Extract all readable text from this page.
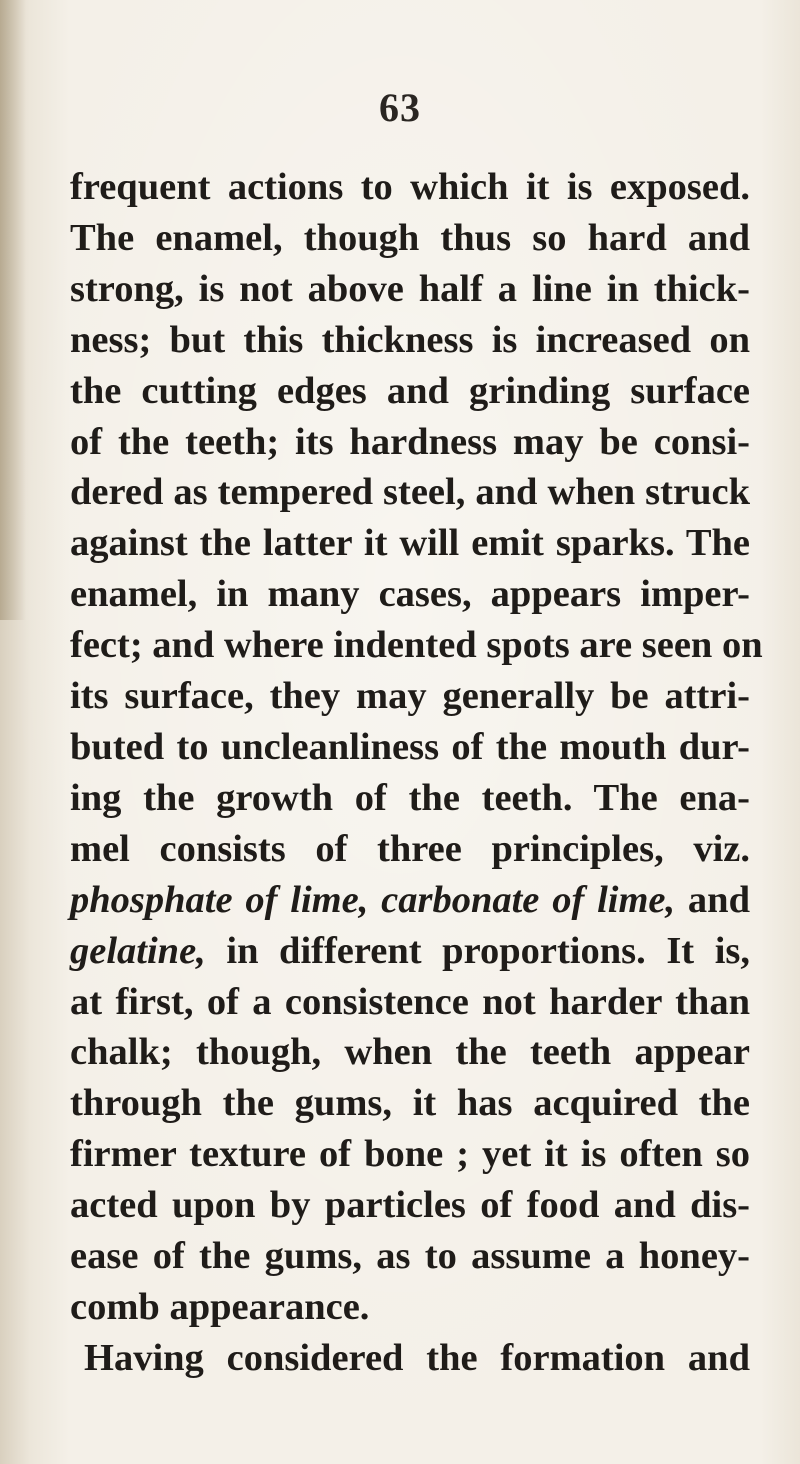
63
frequent actions to which it is exposed.
The enamel, though thus so hard and
strong, is not above half a line in thick-
ness; but this thickness is increased on
the cutting edges and grinding surface
of the teeth; its hardness may be consi-
dered as tempered steel, and when struck
against the latter it will emit sparks. The
enamel, in many cases, appears imper-
fect; and where indented spots are seen on
its surface, they may generally be attri-
buted to uncleanliness of the mouth dur-
ing the growth of the teeth. The ena-
mel consists of three principles, viz.
phosphate of lime, carbonate of lime, and
gelatine, in different proportions. It is,
at first, of a consistence not harder than
chalk; though, when the teeth appear
through the gums, it has acquired the
firmer texture of bone ; yet it is often so
acted upon by particles of food and dis-
ease of the gums, as to assume a honey-
comb appearance.
Having considered the formation and
